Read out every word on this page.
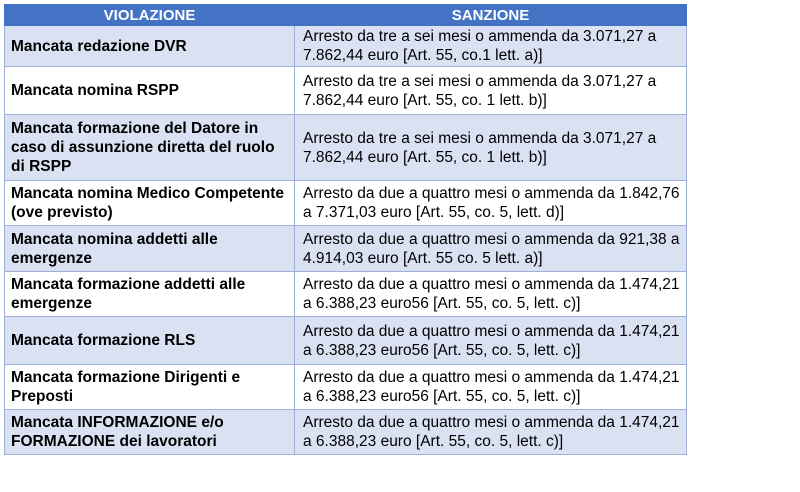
VIOLAZIONE	SANZIONE
Mancata redazione DVR	Arresto da tre a sei mesi o ammenda da 3.071,27 a 7.862,44 euro [Art. 55, co.1 lett. a)]
Mancata nomina RSPP	Arresto da tre a sei mesi o ammenda da 3.071,27 a 7.862,44 euro [Art. 55, co. 1 lett. b)]
Mancata formazione del Datore in caso di assunzione diretta del ruolo di RSPP	Arresto da tre a sei mesi o ammenda da 3.071,27 a 7.862,44 euro [Art. 55, co. 1 lett. b)]
Mancata nomina Medico Competente (ove previsto)	Arresto da due a quattro mesi o ammenda da 1.842,76 a 7.371,03 euro [Art. 55, co. 5, lett. d)]
Mancata nomina addetti alle emergenze	Arresto da due a quattro mesi o ammenda da 921,38 a 4.914,03 euro [Art. 55 co. 5 lett. a)]
Mancata formazione addetti alle emergenze	Arresto da due a quattro mesi o ammenda da 1.474,21 a 6.388,23 euro56 [Art. 55, co. 5, lett. c)]
Mancata formazione RLS	Arresto da due a quattro mesi o ammenda da 1.474,21 a 6.388,23 euro56 [Art. 55, co. 5, lett. c)]
Mancata formazione Dirigenti e Preposti	Arresto da due a quattro mesi o ammenda da 1.474,21 a 6.388,23 euro56 [Art. 55, co. 5, lett. c)]
Mancata INFORMAZIONE e/o FORMAZIONE dei lavoratori	Arresto da due a quattro mesi o ammenda da 1.474,21 a 6.388,23 euro [Art. 55, co. 5, lett. c)]
